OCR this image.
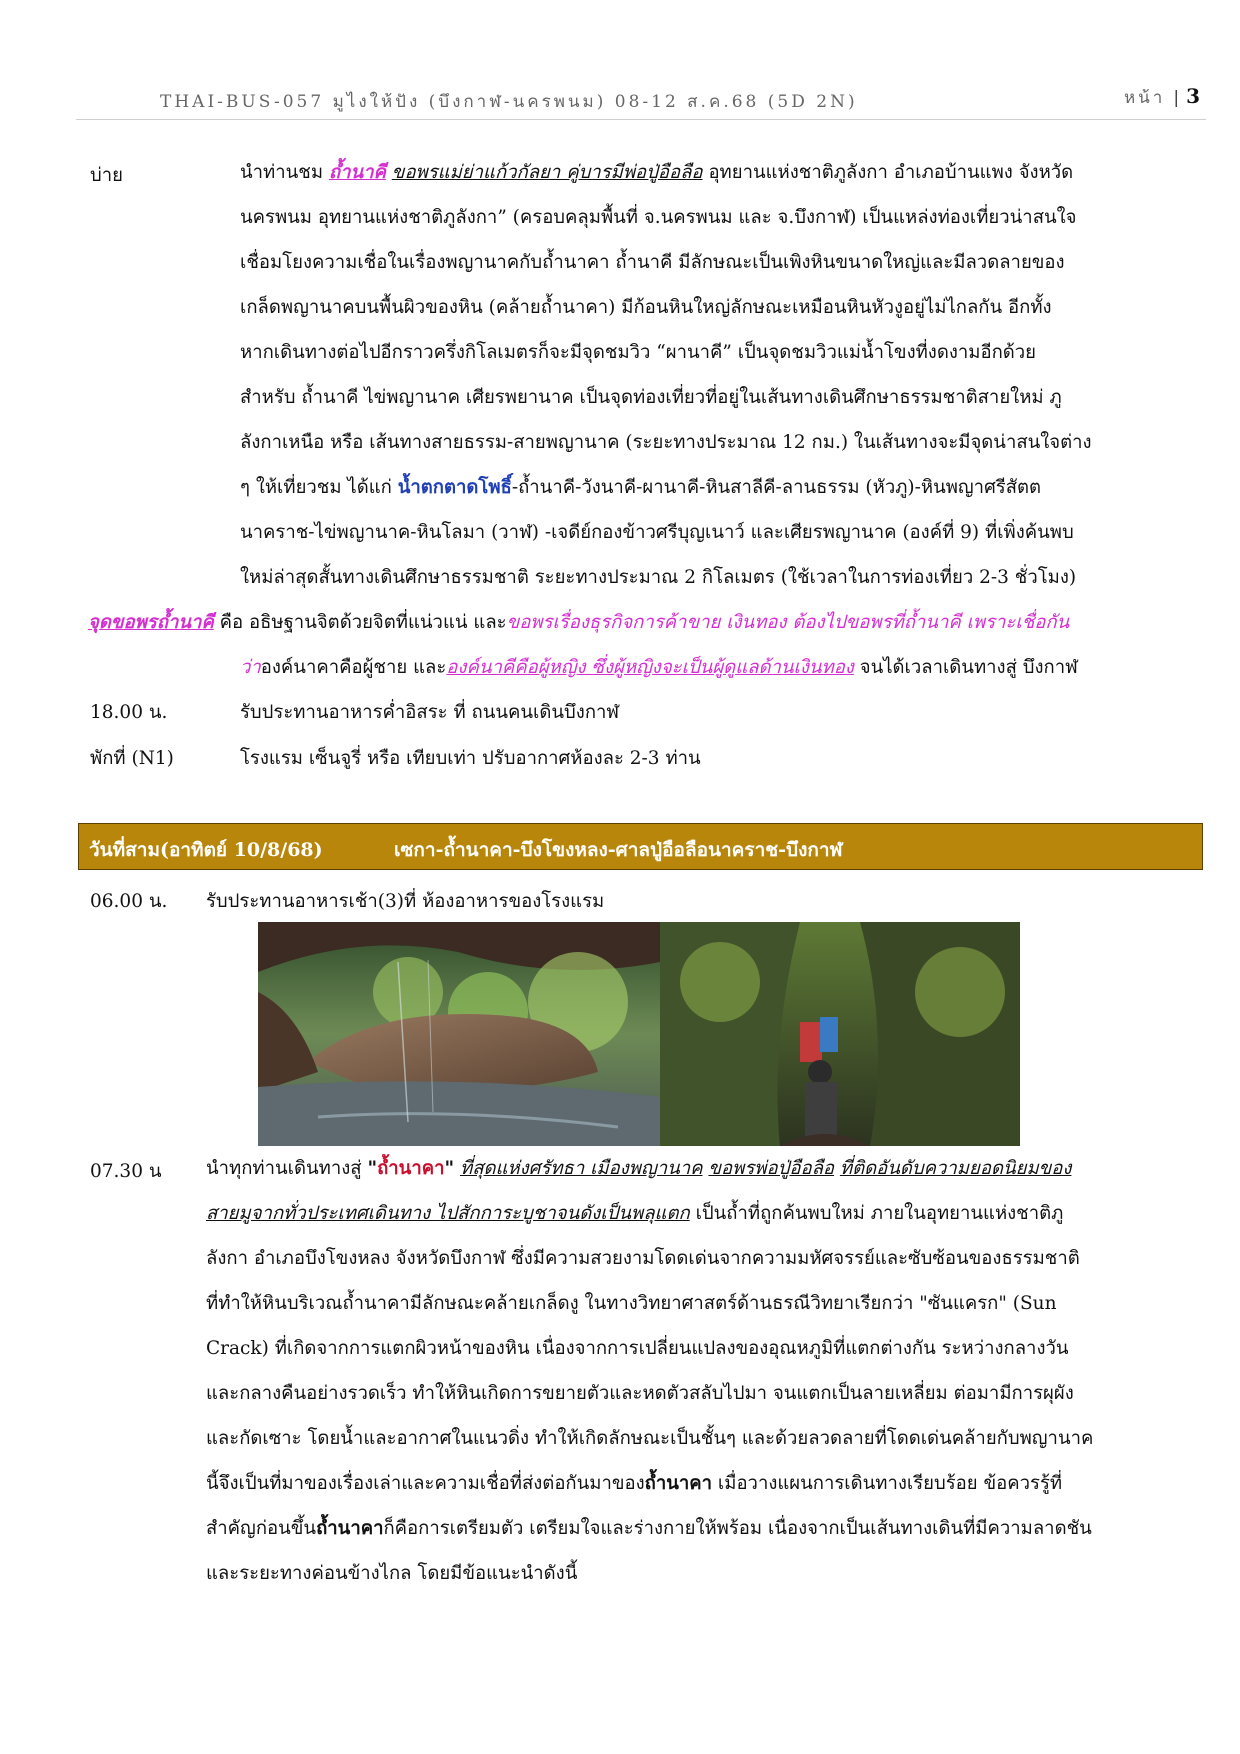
THAI-BUS-057 มูไงให้ปัง (บึงกาฬ-นครพนม) 08-12 ส.ค.68 (5D 2N)	หน้า | 3
บ่าย	นำท่านชม ถ้ำนาคี ขอพรแม่ย่าแก้วกัลยา คู่บารมีพ่อปู่อือลือ อุทยานแห่งชาติภูลังกา อำเภอบ้านแพง จังหวัด
นครพนม อุทยานแห่งชาติภูลังกา” (ครอบคลุมพื้นที่ จ.นครพนม และ จ.บึงกาฬ) เป็นแหล่งท่องเที่ยวน่าสนใจ
เชื่อมโยงความเชื่อในเรื่องพญานาคกับถ้ำนาคา ถ้ำนาคี มีลักษณะเป็นเพิงหินขนาดใหญ่และมีลวดลายของ
เกล็ดพญานาคบนพื้นผิวของหิน (คล้ายถ้ำนาคา) มีก้อนหินใหญ่ลักษณะเหมือนหินหัวงูอยู่ไม่ไกลกัน อีกทั้ง
หากเดินทางต่อไปอีกราวครึ่งกิโลเมตรก็จะมีจุดชมวิว “ผานาคี” เป็นจุดชมวิวแม่น้ำโขงที่งดงามอีกด้วย
สำหรับ ถ้ำนาคี ไข่พญานาค เศียรพยานาค เป็นจุดท่องเที่ยวที่อยู่ในเส้นทางเดินศึกษาธรรมชาติสายใหม่ ภู
ลังกาเหนือ หรือ เส้นทางสายธรรม-สายพญานาค (ระยะทางประมาณ 12 กม.) ในเส้นทางจะมีจุดน่าสนใจต่าง
ๆ ให้เที่ยวชม ได้แก่ น้ำตกตาดโพธิ์-ถ้ำนาคี-วังนาคี-ผานาคี-หินสาลีคี-ลานธรรม (หัวภู)-หินพญาศรีสัตต
นาคราช-ไข่พญานาค-หินโลมา (วาฬ) -เจดีย์กองข้าวศรีบุญเนาว์ และเศียรพญานาค (องค์ที่ 9) ที่เพิ่งค้นพบ
ใหม่ล่าสุดสั้นทางเดินศึกษาธรรมชาติ ระยะทางประมาณ 2 กิโลเมตร (ใช้เวลาในการท่องเที่ยว 2-3 ชั่วโมง)
จุดขอพรถ้ำนาคี คือ อธิษฐานจิตด้วยจิตที่แน่วแน่ และขอพรเรื่องธุรกิจการค้าขาย เงินทอง ต้องไปขอพรที่ถ้ำนาคี เพราะเชื่อกัน
ว่าองค์นาคาคือผู้ชาย และองค์นาคีคือผู้หญิง ซึ่งผู้หญิงจะเป็นผู้ดูแลด้านเงินทอง จนได้เวลาเดินทางสู่ บึงกาฬ
18.00 น.	รับประทานอาหารค่ำอิสระ ที่ ถนนคนเดินบึงกาฬ
พักที่ (N1)	โรงแรม เซ็นจูรี่ หรือ เทียบเท่า ปรับอากาศห้องละ 2-3 ท่าน
วันที่สาม(อาทิตย์ 10/8/68)	เซกา-ถ้ำนาคา-บึงโขงหลง-ศาลปู่อือลือนาคราช-บึงกาฬ
06.00 น. รับประทานอาหารเช้า(3)ที่ ห้องอาหารของโรงแรม
07.30 น นำทุกท่านเดินทางสู่ "ถ้ำนาคา" ที่สุดแห่งศรัทธา เมืองพญานาค ขอพรพ่อปู่อือลือ ที่ติดอันดับความยอดนิยมของ
สายมูจากทั่วประเทศเดินทาง ไปสักการะบูชาจนดังเป็นพลุแตก เป็นถ้ำที่ถูกค้นพบใหม่ ภายในอุทยานแห่งชาติภู
ลังกา อำเภอบึงโขงหลง จังหวัดบึงกาฬ ซึ่งมีความสวยงามโดดเด่นจากความมหัศจรรย์และซับซ้อนของธรรมชาติ
ที่ทำให้หินบริเวณถ้ำนาคามีลักษณะคล้ายเกล็ดงู ในทางวิทยาศาสตร์ด้านธรณีวิทยาเรียกว่า "ซันแครก" (Sun
Crack) ที่เกิดจากการแตกผิวหน้าของหิน เนื่องจากการเปลี่ยนแปลงของอุณหภูมิที่แตกต่างกัน ระหว่างกลางวัน
และกลางคืนอย่างรวดเร็ว ทำให้หินเกิดการขยายตัวและหดตัวสลับไปมา จนแตกเป็นลายเหลี่ยม ต่อมามีการผุผัง
และกัดเซาะ โดยน้ำและอากาศในแนวดิ่ง ทำให้เกิดลักษณะเป็นชั้นๆ และด้วยลวดลายที่โดดเด่นคล้ายกับพญานาค
นี้จึงเป็นที่มาของเรื่องเล่าและความเชื่อที่ส่งต่อกันมาของถ้ำนาคา เมื่อวางแผนการเดินทางเรียบร้อย ข้อควรรู้ที่
สำคัญก่อนขึ้นถ้ำนาคาก็คือการเตรียมตัว เตรียมใจและร่างกายให้พร้อม เนื่องจากเป็นเส้นทางเดินที่มีความลาดชัน
และระยะทางค่อนข้างไกล โดยมีข้อแนะนำดังนี้
